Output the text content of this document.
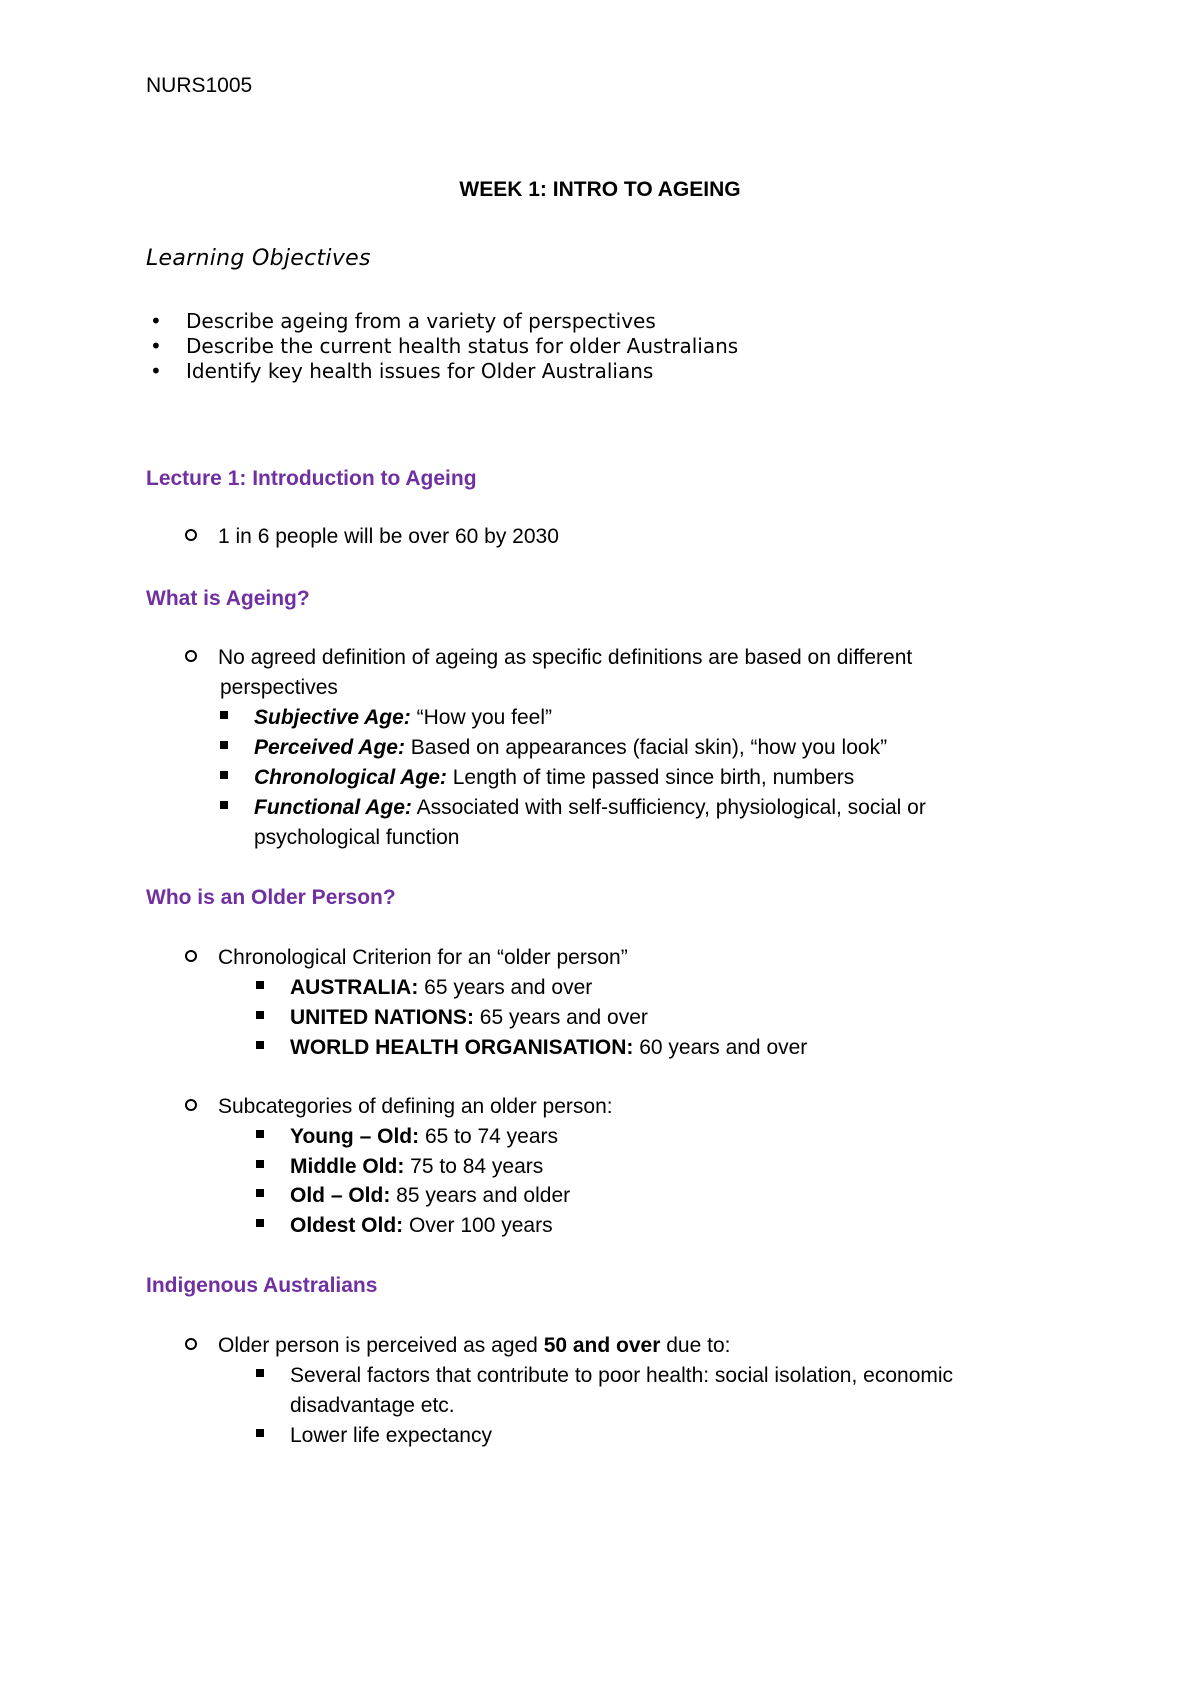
NURS1005
WEEK 1: INTRO TO AGEING
Learning Objectives
• Describe ageing from a variety of perspectives
• Describe the current health status for older Australians
• Identify key health issues for Older Australians
Lecture 1: Introduction to Ageing
1 in 6 people will be over 60 by 2030
What is Ageing?
No agreed definition of ageing as specific definitions are based on different
perspectives
Subjective Age: “How you feel”
Perceived Age: Based on appearances (facial skin), “how you look”
Chronological Age: Length of time passed since birth, numbers
Functional Age: Associated with self-sufficiency, physiological, social or
psychological function
Who is an Older Person?
Chronological Criterion for an “older person”
AUSTRALIA: 65 years and over
UNITED NATIONS: 65 years and over
WORLD HEALTH ORGANISATION: 60 years and over
Subcategories of defining an older person:
Young – Old: 65 to 74 years
Middle Old: 75 to 84 years
Old – Old: 85 years and older
Oldest Old: Over 100 years
Indigenous Australians
Older person is perceived as aged 50 and over due to:
Several factors that contribute to poor health: social isolation, economic
disadvantage etc.
Lower life expectancy
